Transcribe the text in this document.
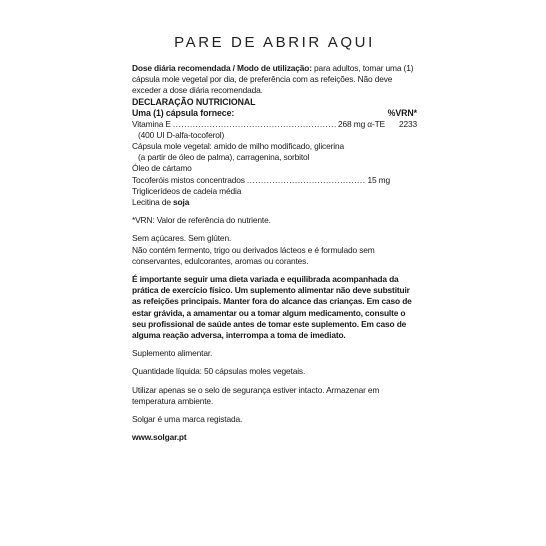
PARE DE ABRIR AQUI

Dose diária recomendada / Modo de utilização: para adultos, tomar uma (1) cápsula mole vegetal por dia, de preferência com as refeições. Não deve exceder a dose diária recomendada.

DECLARAÇÃO NUTRICIONAL
Uma (1) cápsula fornece:	%VRN*
Vitamina E .....	268 mg α-TE	2233

(400 UI D-alfa-tocoferol)

Cápsula mole vegetal: amido de milho modificado, glicerina

(a partir de óleo de palma), carragenina, sorbitol

Óleo de cártamo

Tocoferóis mistos concentrados .....	15 mg

Triglicerídeos de cadeia média

Lecitina de soja

*VRN: Valor de referência do nutriente.

Sem açúcares. Sem glúten.

Não contém fermento, trigo ou derivados lácteos e é formulado sem conservantes, edulcorantes, aromas ou corantes.

É importante seguir uma dieta variada e equilibrada acompanhada da prática de exercício físico. Um suplemento alimentar não deve substituir as refeições principais. Manter fora do alcance das crianças. Em caso de estar grávida, a amamentar ou a tomar algum medicamento, consulte o seu profissional de saúde antes de tomar este suplemento. Em caso de alguma reação adversa, interrompa a toma de imediato.

Suplemento alimentar.

Quantidade líquida: 50 cápsulas moles vegetais.

Utilizar apenas se o selo de segurança estiver intacto. Armazenar em temperatura ambiente.

Solgar é uma marca registada.

www.solgar.pt
